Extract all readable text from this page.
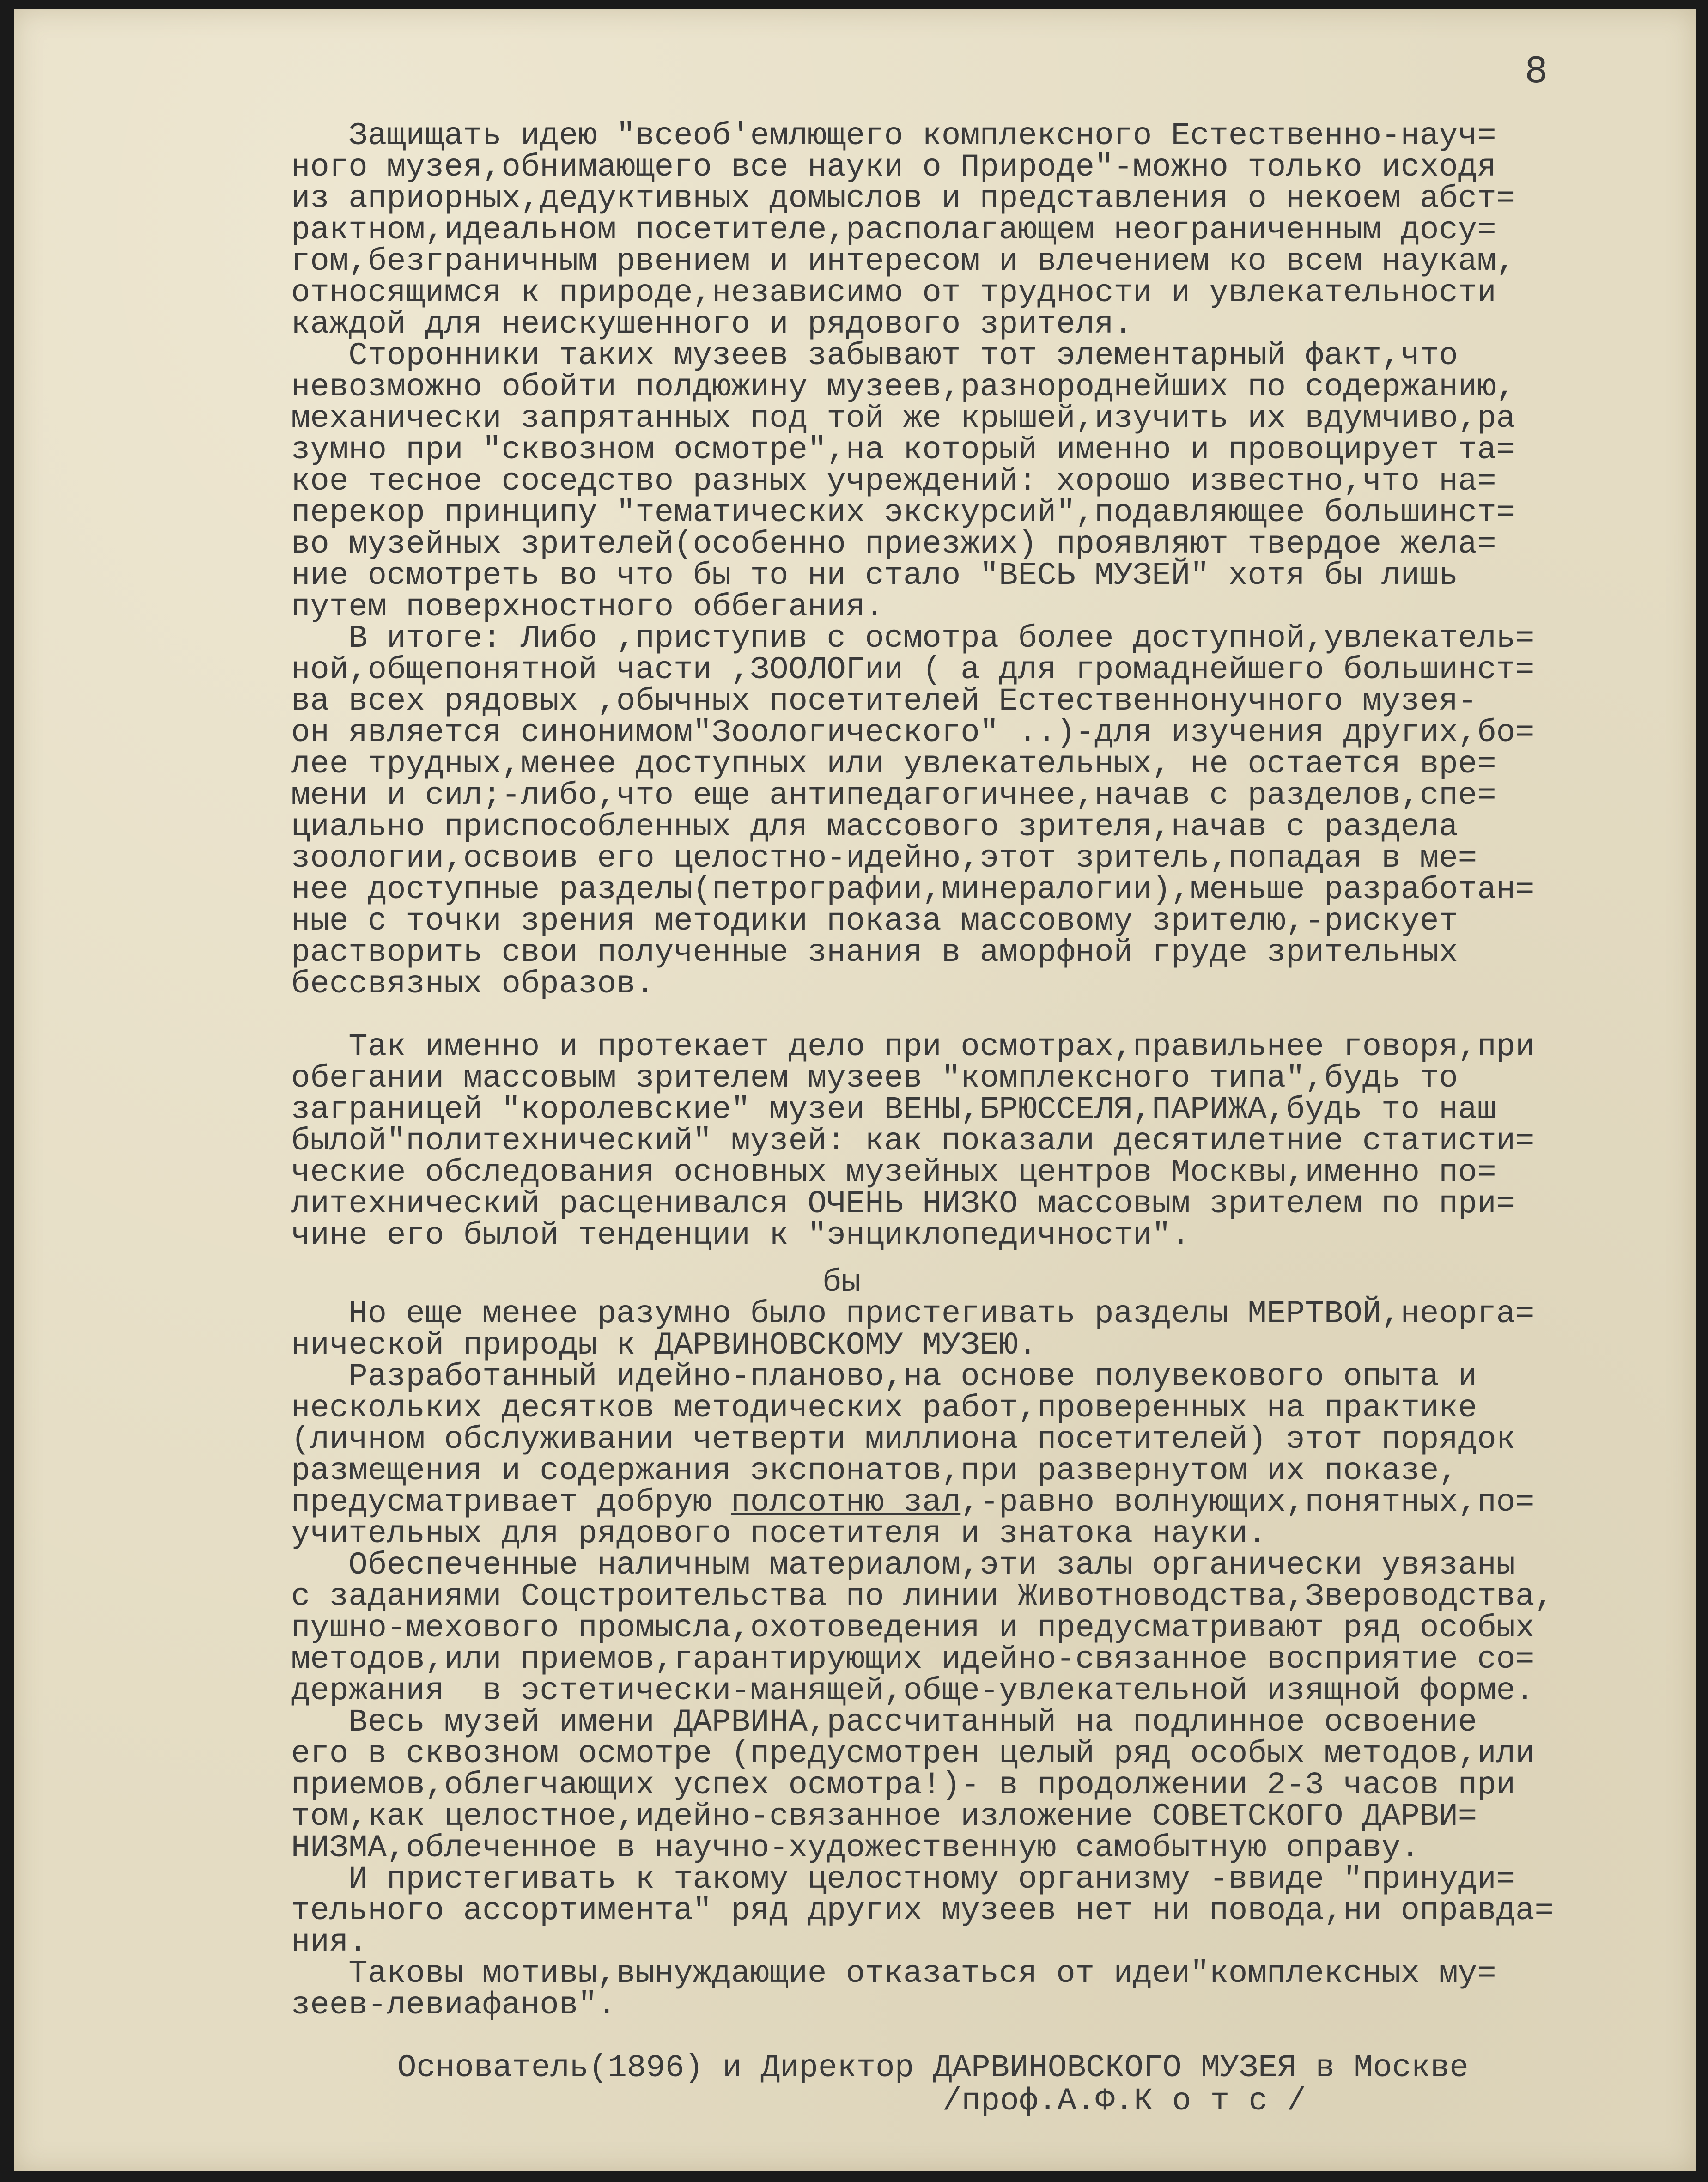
8
Защищать идею "всеоб'емлющего комплексного Естественно-науч=
ного музея,обнимающего все науки о Природе"-можно только исходя
из априорных,дедуктивных домыслов и представления о некоем абст=
рактном,идеальном посетителе,располагающем неограниченным досу=
гом,безграничным рвением и интересом и влечением ко всем наукам,
относящимся к природе,независимо от трудности и увлекательности
каждой для неискушенного и рядового зрителя.
Сторонники таких музеев забывают тот элементарный факт,что
невозможно обойти полдюжину музеев,разнороднейших по содержанию,
механически запрятанных под той же крышей,изучить их вдумчиво,ра
зумно при "сквозном осмотре",на который именно и провоцирует та=
кое тесное соседство разных учреждений: хорошо известно,что на=
перекор принципу "тематических экскурсий",подавляющее большинст=
во музейных зрителей(особенно приезжих) проявляют твердое жела=
ние осмотреть во что бы то ни стало "ВЕСЬ МУЗЕЙ" хотя бы лишь
путем поверхностного оббегания.
В итоге: Либо ,приступив с осмотра более доступной,увлекатель=
ной,общепонятной части ,ЗООЛОГии ( а для громаднейшего большинст=
ва всех рядовых ,обычных посетителей Естественнонучного музея-
он является синонимом"Зоологического" ..)-для изучения других,бо=
лее трудных,менее доступных или увлекательных, не остается вре=
мени и сил;-либо,что еще антипедагогичнее,начав с разделов,спе=
циально приспособленных для массового зрителя,начав с раздела
зоологии,освоив его целостно-идейно,этот зритель,попадая в ме=
нее доступные разделы(петрографии,минералогии),меньше разработан=
ные с точки зрения методики показа массовому зрителю,-рискует
растворить свои полученные знания в аморфной груде зрительных
бессвязных образов.
Так именно и протекает дело при осмотрах,правильнее говоря,при
обегании массовым зрителем музеев "комплексного типа",будь то
заграницей "королевские" музеи ВЕНЫ,БРЮССЕЛЯ,ПАРИЖА,будь то наш
былой"политехнический" музей: как показали десятилетние статисти=
ческие обследования основных музейных центров Москвы,именно по=
литехнический расценивался ОЧЕНЬ НИЗКО массовым зрителем по при=
чине его былой тенденции к "энциклопедичности".
бы
Но еще менее разумно было пристегивать разделы МЕРТВОЙ,неорга=
нической природы к ДАРВИНОВСКОМУ МУЗЕЮ.
Разработанный идейно-планово,на основе полувекового опыта и
нескольких десятков методических работ,проверенных на практике
(личном обслуживании четверти миллиона посетителей) этот порядок
размещения и содержания экспонатов,при развернутом их показе,
предусматривает добрую полсотню зал,-равно волнующих,понятных,по=
учительных для рядового посетителя и знатока науки.
Обеспеченные наличным материалом,эти залы органически увязаны
с заданиями Соцстроительства по линии Животноводства,Звероводства,
пушно-мехового промысла,охотоведения и предусматривают ряд особых
методов,или приемов,гарантирующих идейно-связанное восприятие со=
держания  в эстетически-манящей,обще-увлекательной изящной форме.
Весь музей имени ДАРВИНА,рассчитанный на подлинное освоение
его в сквозном осмотре (предусмотрен целый ряд особых методов,или
приемов,облегчающих успех осмотра!)- в продолжении 2-3 часов при
том,как целостное,идейно-связанное изложение СОВЕТСКОГО ДАРВИ=
НИЗМА,облеченное в научно-художественную самобытную оправу.
И пристегивать к такому целостному организму -ввиде "принуди=
тельного ассортимента" ряд других музеев нет ни повода,ни оправда=
ния.
Таковы мотивы,вынуждающие отказаться от идеи"комплексных му=
зеев-левиафанов".
Основатель(1896) и Директор ДАРВИНОВСКОГО МУЗЕЯ в Москве
/проф.А.Ф.К о т с /
